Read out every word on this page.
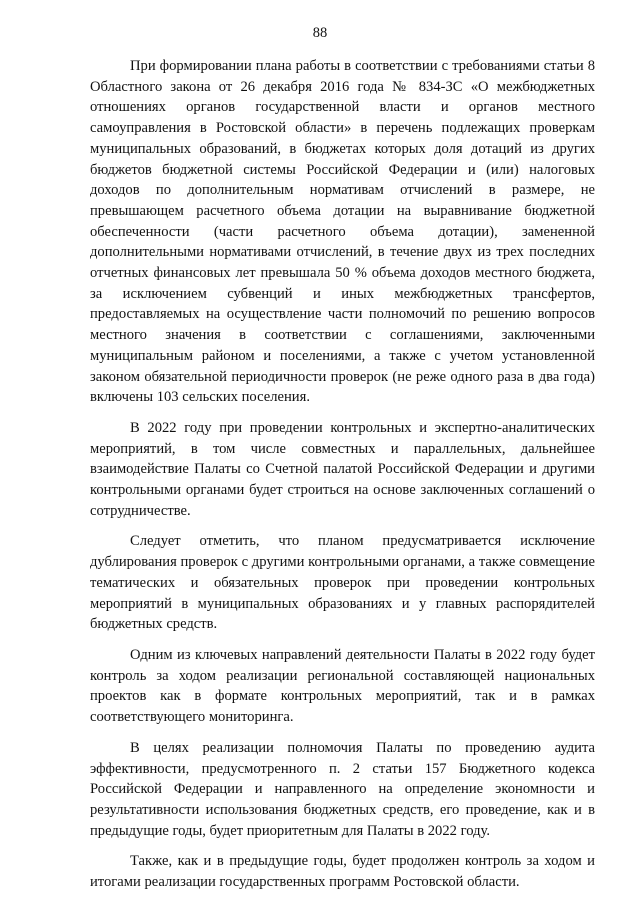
88

При формировании плана работы в соответствии с требованиями статьи 8 Областного закона от 26 декабря 2016 года № 834-ЗС «О межбюджетных отношениях органов государственной власти и органов местного самоуправления в Ростовской области» в перечень подлежащих проверкам муниципальных образований, в бюджетах которых доля дотаций из других бюджетов бюджетной системы Российской Федерации и (или) налоговых доходов по дополнительным нормативам отчислений в размере, не превышающем расчетного объема дотации на выравнивание бюджетной обеспеченности (части расчетного объема дотации), замененной дополнительными нормативами отчислений, в течение двух из трех последних отчетных финансовых лет превышала 50 % объема доходов местного бюджета, за исключением субвенций и иных межбюджетных трансфертов, предоставляемых на осуществление части полномочий по решению вопросов местного значения в соответствии с соглашениями, заключенными муниципальным районом и поселениями, а также с учетом установленной законом обязательной периодичности проверок (не реже одного раза в два года) включены 103 сельских поселения.

В 2022 году при проведении контрольных и экспертно-аналитических мероприятий, в том числе совместных и параллельных, дальнейшее взаимодействие Палаты со Счетной палатой Российской Федерации и другими контрольными органами будет строиться на основе заключенных соглашений о сотрудничестве.

Следует отметить, что планом предусматривается исключение дублирования проверок с другими контрольными органами, а также совмещение тематических и обязательных проверок при проведении контрольных мероприятий в муниципальных образованиях и у главных распорядителей бюджетных средств.

Одним из ключевых направлений деятельности Палаты в 2022 году будет контроль за ходом реализации региональной составляющей национальных проектов как в формате контрольных мероприятий, так и в рамках соответствующего мониторинга.

В целях реализации полномочия Палаты по проведению аудита эффективности, предусмотренного п. 2 статьи 157 Бюджетного кодекса Российской Федерации и направленного на определение экономности и результативности использования бюджетных средств, его проведение, как и в предыдущие годы, будет приоритетным для Палаты в 2022 году.

Также, как и в предыдущие годы, будет продолжен контроль за ходом и итогами реализации государственных программ Ростовской области.
